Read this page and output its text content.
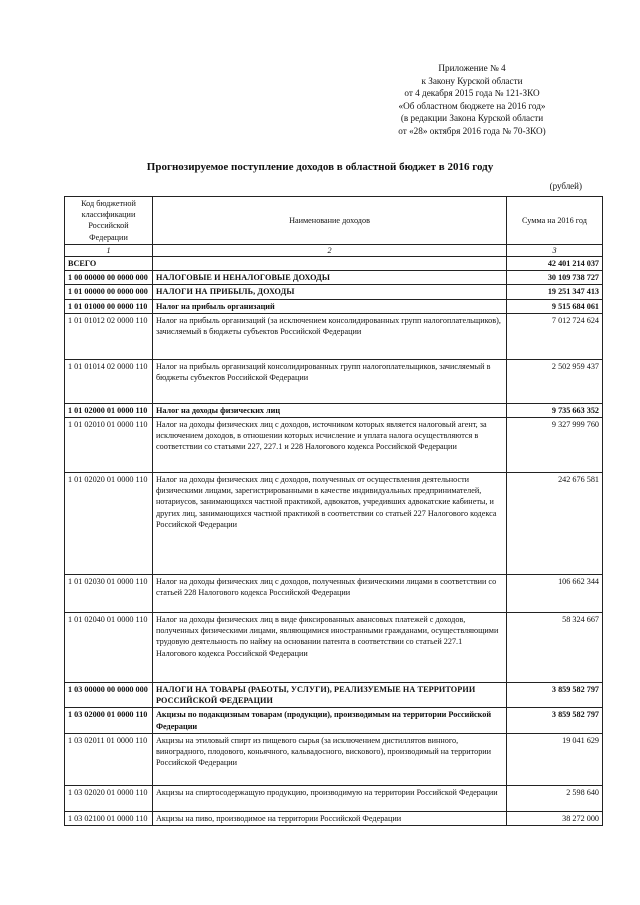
Приложение № 4
к Закону Курской области
от 4 декабря 2015 года № 121-ЗКО
«Об областном бюджете на 2016 год»
(в редакции Закона Курской области
от «28» октября 2016 года № 70-ЗКО)
Прогнозируемое поступление доходов в областной бюджет в 2016 году
(рублей)
Код бюджетной классификации Российской Федерации	Наименование доходов	Сумма на 2016 год
1	2	3
ВСЕГО		42 401 214 037
1 00 00000 00 0000 000	НАЛОГОВЫЕ И НЕНАЛОГОВЫЕ ДОХОДЫ	30 109 738 727
1 01 00000 00 0000 000	НАЛОГИ НА ПРИБЫЛЬ, ДОХОДЫ	19 251 347 413
1 01 01000 00 0000 110	Налог на прибыль организаций	9 515 684 061
1 01 01012 02 0000 110	Налог на прибыль организаций (за исключением консолидированных групп налогоплательщиков), зачисляемый в бюджеты субъектов Российской Федерации	7 012 724 624
1 01 01014 02 0000 110	Налог на прибыль организаций консолидированных групп налогоплательщиков, зачисляемый в бюджеты субъектов Российской Федерации	2 502 959 437
1 01 02000 01 0000 110	Налог на доходы физических лиц	9 735 663 352
1 01 02010 01 0000 110	Налог на доходы физических лиц с доходов, источником которых является налоговый агент, за исключением доходов, в отношении которых исчисление и уплата налога осуществляются в соответствии со статьями 227, 227.1 и 228 Налогового кодекса Российской Федерации	9 327 999 760
1 01 02020 01 0000 110	Налог на доходы физических лиц с доходов, полученных от осуществления деятельности физическими лицами, зарегистрированными в качестве индивидуальных предпринимателей, нотариусов, занимающихся частной практикой, адвокатов, учредивших адвокатские кабинеты, и других лиц, занимающихся частной практикой в соответствии со статьей 227 Налогового кодекса Российской Федерации	242 676 581
1 01 02030 01 0000 110	Налог на доходы физических лиц с доходов, полученных физическими лицами в соответствии со статьей 228 Налогового кодекса Российской Федерации	106 662 344
1 01 02040 01 0000 110	Налог на доходы физических лиц в виде фиксированных авансовых платежей с доходов, полученных физическими лицами, являющимися иностранными гражданами, осуществляющими трудовую деятельность по найму на основании патента в соответствии со статьей 227.1 Налогового кодекса Российской Федерации	58 324 667
1 03 00000 00 0000 000	НАЛОГИ НА ТОВАРЫ (РАБОТЫ, УСЛУГИ), РЕАЛИЗУЕМЫЕ НА ТЕРРИТОРИИ РОССИЙСКОЙ ФЕДЕРАЦИИ	3 859 582 797
1 03 02000 01 0000 110	Акцизы по подакцизным товарам (продукции), производимым на территории Российской Федерации	3 859 582 797
1 03 02011 01 0000 110	Акцизы на этиловый спирт из пищевого сырья (за исключением дистиллятов винного, виноградного, плодового, коньячного, кальвадосного, вискового), производимый на территории Российской Федерации	19 041 629
1 03 02020 01 0000 110	Акцизы на спиртосодержащую продукцию, производимую на территории Российской Федерации	2 598 640
1 03 02100 01 0000 110	Акцизы на пиво, производимое на территории Российской Федерации	38 272 000
